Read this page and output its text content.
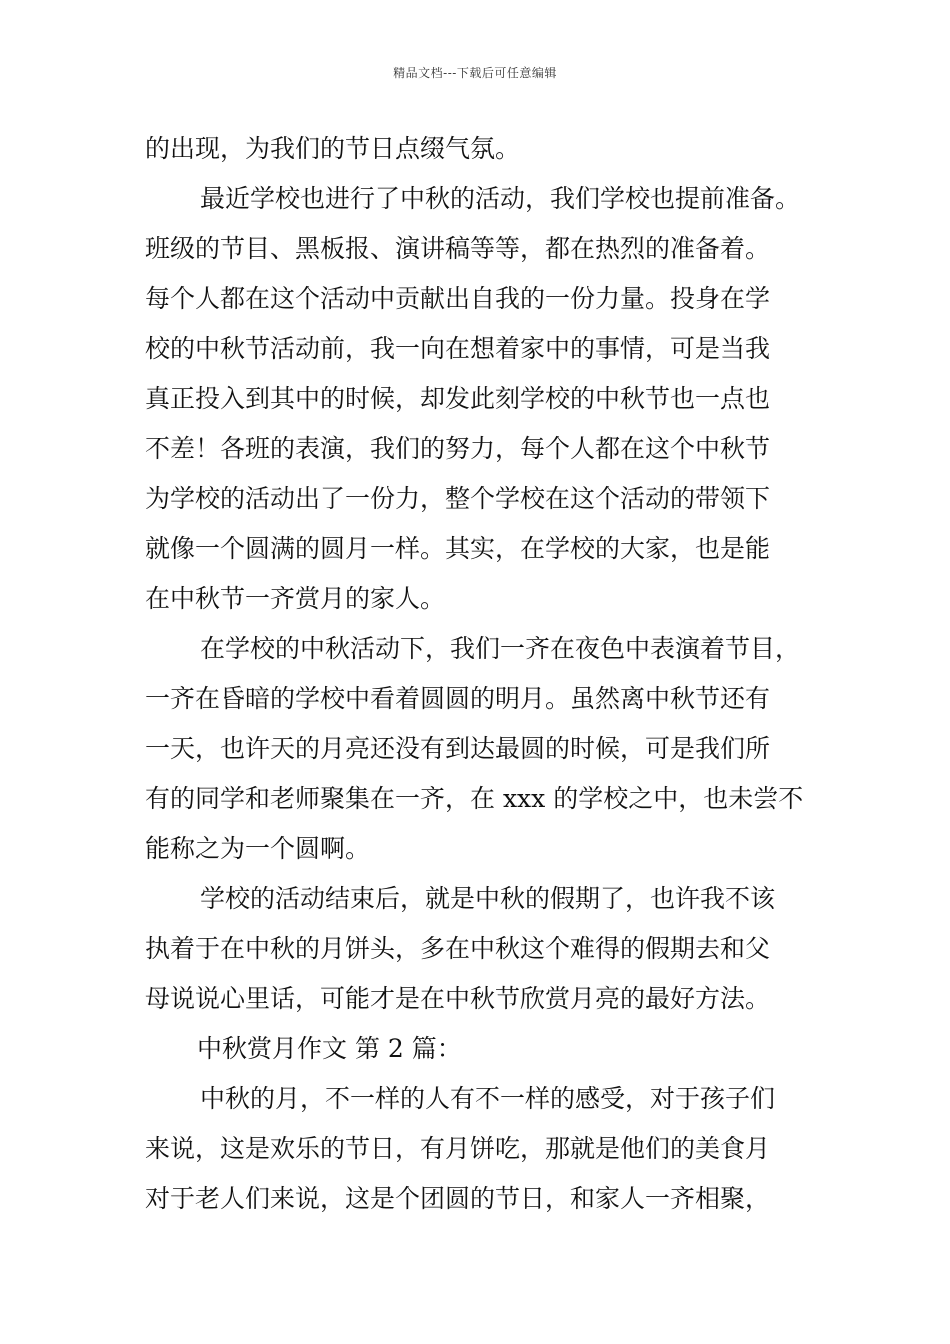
精品文档---下载后可任意编辑
的出现，为我们的节日点缀气氛。
最近学校也进行了中秋的活动，我们学校也提前准备。
班级的节目、黑板报、演讲稿等等，都在热烈的准备着。
每个人都在这个活动中贡献出自我的一份力量。投身在学
校的中秋节活动前，我一向在想着家中的事情，可是当我
真正投入到其中的时候，却发此刻学校的中秋节也一点也
不差！各班的表演，我们的努力，每个人都在这个中秋节
为学校的活动出了一份力，整个学校在这个活动的带领下
就像一个圆满的圆月一样。其实，在学校的大家，也是能
在中秋节一齐赏月的家人。
在学校的中秋活动下，我们一齐在夜色中表演着节目，
一齐在昏暗的学校中看着圆圆的明月。虽然离中秋节还有
一天，也许天的月亮还没有到达最圆的时候，可是我们所
有的同学和老师聚集在一齐，在 xxx 的学校之中，也未尝不
能称之为一个圆啊。
学校的活动结束后，就是中秋的假期了，也许我不该
执着于在中秋的月饼头，多在中秋这个难得的假期去和父
母说说心里话，可能才是在中秋节欣赏月亮的最好方法。
中秋赏月作文 第 2 篇：
中秋的月，不一样的人有不一样的感受，对于孩子们
来说，这是欢乐的节日，有月饼吃，那就是他们的美食月
对于老人们来说，这是个团圆的节日，和家人一齐相聚，
